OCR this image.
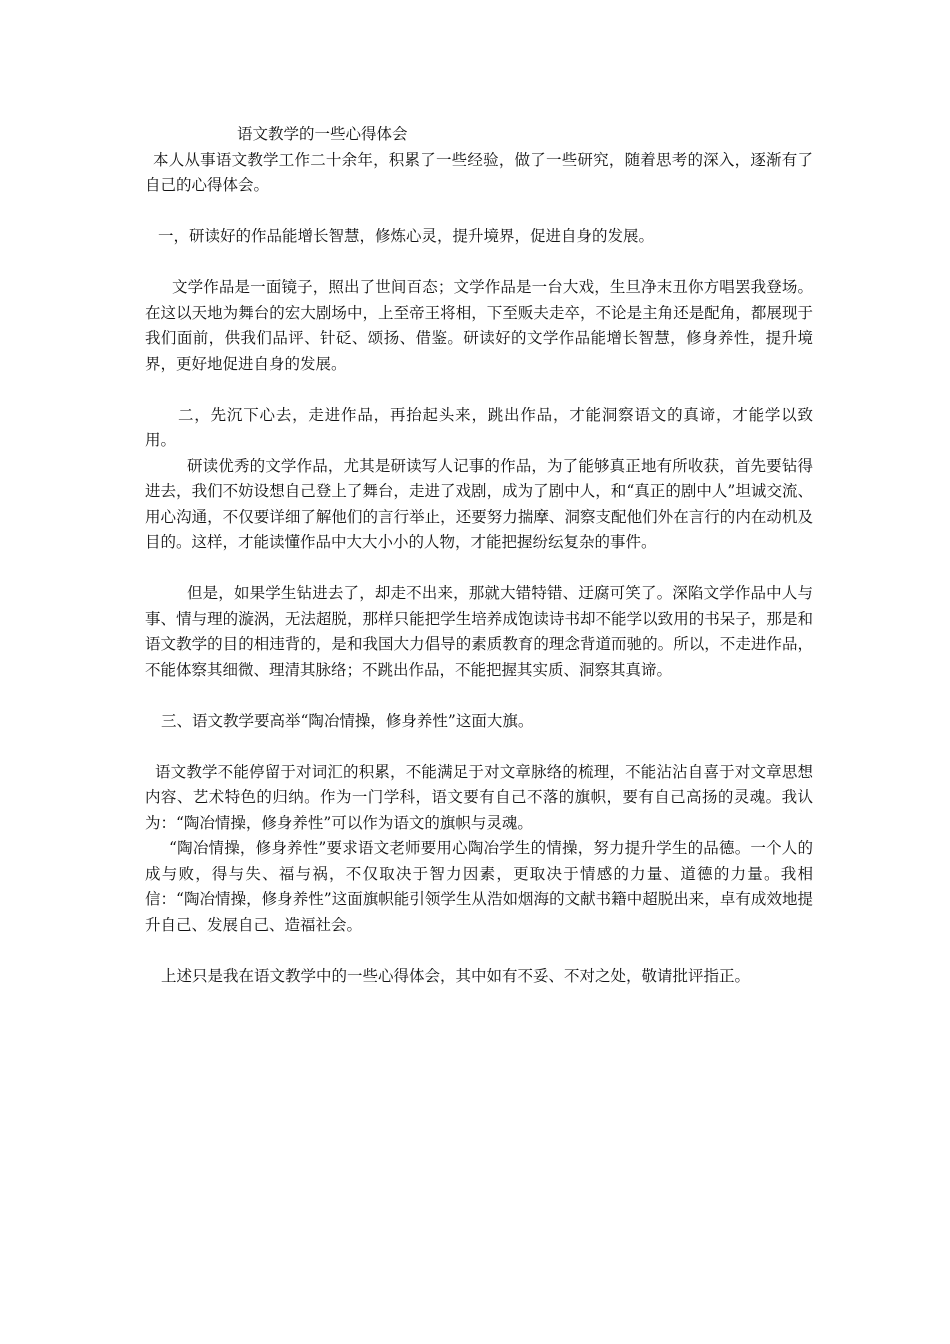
语文教学的一些心得体会

本人从事语文教学工作二十余年，积累了一些经验，做了一些研究，随着思考的深入，逐渐有了自己的心得体会。

一，研读好的作品能增长智慧，修炼心灵，提升境界，促进自身的发展。

文学作品是一面镜子，照出了世间百态；文学作品是一台大戏，生旦净末丑你方唱罢我登场。在这以天地为舞台的宏大剧场中，上至帝王将相，下至贩夫走卒，不论是主角还是配角，都展现于我们面前，供我们品评、针砭、颂扬、借鉴。研读好的文学作品能增长智慧，修身养性，提升境界，更好地促进自身的发展。

二，先沉下心去，走进作品，再抬起头来，跳出作品，才能洞察语文的真谛，才能学以致用。

研读优秀的文学作品，尤其是研读写人记事的作品，为了能够真正地有所收获，首先要钻得进去，我们不妨设想自己登上了舞台，走进了戏剧，成为了剧中人，和“真正的剧中人”坦诚交流、用心沟通，不仅要详细了解他们的言行举止，还要努力揣摩、洞察支配他们外在言行的内在动机及目的。这样，才能读懂作品中大大小小的人物，才能把握纷纭复杂的事件。

但是，如果学生钻进去了，却走不出来，那就大错特错、迂腐可笑了。深陷文学作品中人与事、情与理的漩涡，无法超脱，那样只能把学生培养成饱读诗书却不能学以致用的书呆子，那是和语文教学的目的相违背的，是和我国大力倡导的素质教育的理念背道而驰的。所以，不走进作品，不能体察其细微、理清其脉络；不跳出作品，不能把握其实质、洞察其真谛。

三、语文教学要高举“陶冶情操，修身养性”这面大旗。

语文教学不能停留于对词汇的积累，不能满足于对文章脉络的梳理，不能沾沾自喜于对文章思想内容、艺术特色的归纳。作为一门学科，语文要有自己不落的旗帜，要有自己高扬的灵魂。我认为：“陶冶情操，修身养性”可以作为语文的旗帜与灵魂。

“陶冶情操，修身养性”要求语文老师要用心陶冶学生的情操，努力提升学生的品德。一个人的成与败，得与失、福与祸，不仅取决于智力因素，更取决于情感的力量、道德的力量。我相信：“陶冶情操，修身养性”这面旗帜能引领学生从浩如烟海的文献书籍中超脱出来，卓有成效地提升自己、发展自己、造福社会。

上述只是我在语文教学中的一些心得体会，其中如有不妥、不对之处，敬请批评指正。
